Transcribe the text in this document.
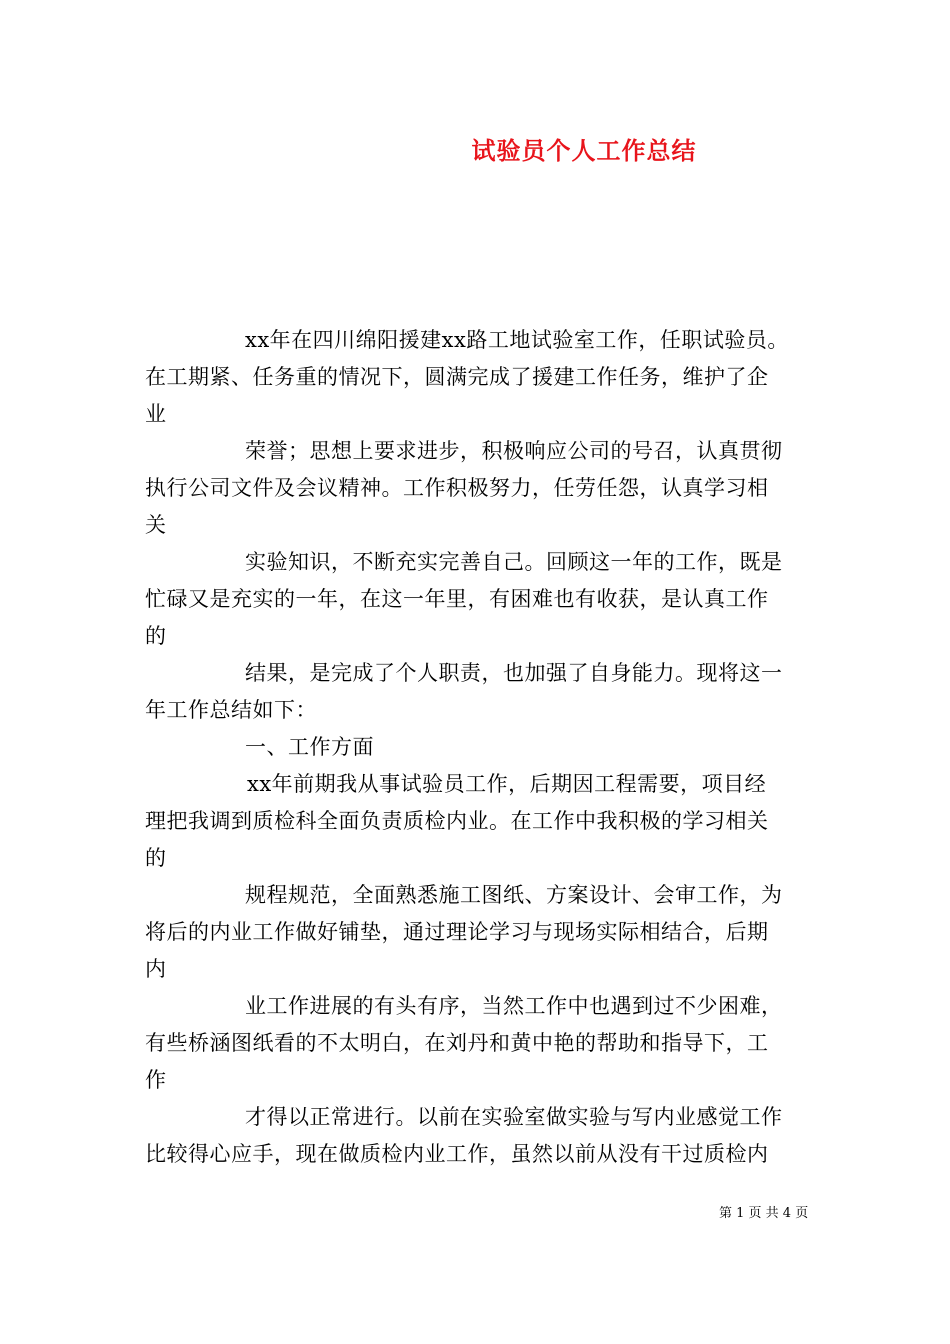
试验员个人工作总结
xx年在四川绵阳援建xx路工地试验室工作，任职试验员。
在工期紧、任务重的情况下，圆满完成了援建工作任务，维护了企
业
荣誉；思想上要求进步，积极响应公司的号召，认真贯彻
执行公司文件及会议精神。工作积极努力，任劳任怨，认真学习相
关
实验知识，不断充实完善自己。回顾这一年的工作，既是
忙碌又是充实的一年，在这一年里，有困难也有收获，是认真工作
的
结果，是完成了个人职责，也加强了自身能力。现将这一
年工作总结如下：
一、工作方面
xx年前期我从事试验员工作，后期因工程需要，项目经
理把我调到质检科全面负责质检内业。在工作中我积极的学习相关
的
规程规范，全面熟悉施工图纸、方案设计、会审工作，为
将后的内业工作做好铺垫，通过理论学习与现场实际相结合，后期
内
业工作进展的有头有序，当然工作中也遇到过不少困难，
有些桥涵图纸看的不太明白，在刘丹和黄中艳的帮助和指导下，工
作
才得以正常进行。以前在实验室做实验与写内业感觉工作
比较得心应手，现在做质检内业工作，虽然以前从没有干过质检内
第 1 页 共 4 页
